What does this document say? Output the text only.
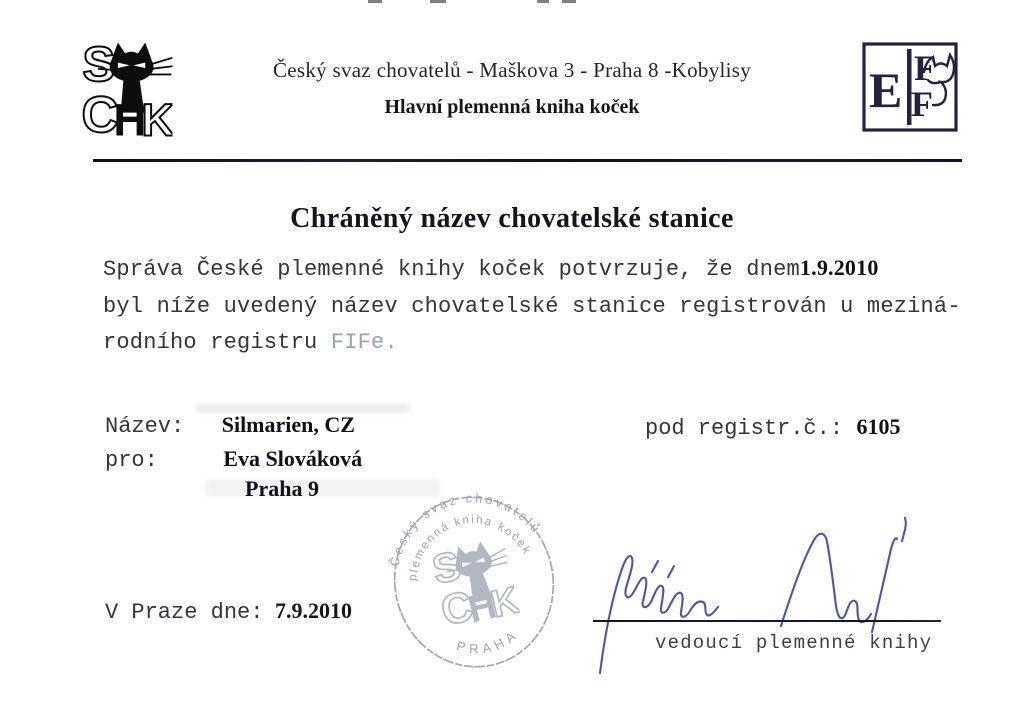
Český svaz chovatelů - Maškova 3 - Praha 8 -Kobylisy
Hlavní plemenná kniha koček	E F
F
Chráněný název chovatelské stanice
Správa České plemenné knihy koček potvrzuje, že dnem1.9.2010
byl níže uvedený název chovatelské stanice registrován u meziná-
rodního registru FIFe.
Název: Silmarien, CZ	pod registr.č.: 6105
pro:	Eva Slováková
Praha 9
V Praze dne: 7.9.2010
Český svaz chovatelů
plemenná kniha koček
PRAHA	vedoucí plemenné knihy
